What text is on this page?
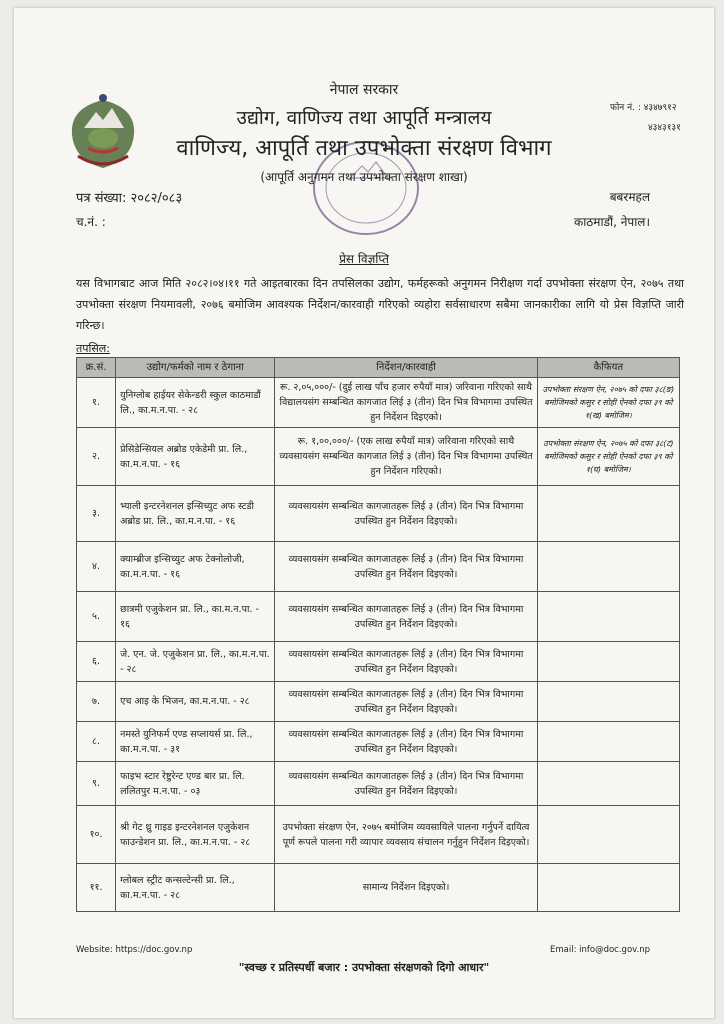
नेपाल सरकार
उद्योग, वाणिज्य तथा आपूर्ति मन्त्रालय
वाणिज्य, आपूर्ति तथा उपभोक्ता संरक्षण विभाग
(आपूर्ति अनुगमन तथा उपभोक्ता संरक्षण शाखा)
फोन नं. : ४३४७९१२
४३४३१३१
पत्र संख्या: २०८२/०८३
च.नं. :
बबरमहल
काठमाडौं, नेपाल।
प्रेस विज्ञप्ति
यस विभागबाट आज मिति २०८२।०४।११ गते आइतबारका दिन तपसिलका उद्योग, फर्महरूको अनुगमन निरीक्षण गर्दा उपभोक्ता संरक्षण ऐन, २०७५ तथा उपभोक्ता संरक्षण नियमावली, २०७६ बमोजिम आवश्यक निर्देशन/कारवाही गरिएको व्यहोरा सर्वसाधारण सबैमा जानकारीका लागि यो प्रेस विज्ञप्ति जारी गरिन्छ।
तपसिल:
क्र.सं.	उद्योग/फर्मको नाम र ठेगाना	निर्देशन/कारवाही	कैफियत
१.	युनिग्लोब हाईयर सेकेन्डरी स्कुल काठमाडौं लि., का.म.न.पा. - २८	रू. २,०५,०००/- (दुई लाख पाँच हजार रुपैयाँ मात्र) जरिवाना गरिएको साथै विद्यालयसंग सम्बन्धित कागजात लिई ३ (तीन) दिन भित्र विभागमा उपस्थित हुन निर्देशन दिइएको।	उपभोक्ता संरक्षण ऐन, २०७५ को दफा ३८(ङ) बमोजिमको कसुर र सोही ऐनको दफा ३९ को १(ख) बमोजिम।
२.	प्रेसिडेन्सियल अब्रोड एकेडेमी प्रा. लि., का.म.न.पा. - १६	रू. १,००,०००/- (एक लाख रुपैयाँ मात्र) जरिवाना गरिएको साथै व्यवसायसंग सम्बन्धित कागजात लिई ३ (तीन) दिन भित्र विभागमा उपस्थित हुन निर्देशन गरिएको।	उपभोक्ता संरक्षण ऐन, २०७५ को दफा ३८(ट) बमोजिमको कसुर र सोही ऐनको दफा ३९ को १(घ) बमोजिम।
३.	भ्याली इन्टरनेशनल इन्सिच्युट अफ स्टडी अब्रोड प्रा. लि., का.म.न.पा. - १६	व्यवसायसंग सम्बन्धित कागजातहरू लिई ३ (तीन) दिन भित्र विभागमा उपस्थित हुन निर्देशन दिइएको।	
४.	क्याम्ब्रीज इन्सिच्युट अफ टेक्नोलोजी, का.म.न.पा. - १६	व्यवसायसंग सम्बन्धित कागजातहरू लिई ३ (तीन) दिन भित्र विभागमा उपस्थित हुन निर्देशन दिइएको।	
५.	छात्रमी एजुकेशन प्रा. लि., का.म.न.पा. - १६	व्यवसायसंग सम्बन्धित कागजातहरू लिई ३ (तीन) दिन भित्र विभागमा उपस्थित हुन निर्देशन दिइएको।	
६.	जे. एन. जे. एजुकेशन प्रा. लि., का.म.न.पा. - २८	व्यवसायसंग सम्बन्धित कागजातहरू लिई ३ (तीन) दिन भित्र विभागमा उपस्थित हुन निर्देशन दिइएको।	
७.	एच आइ के भिजन, का.म.न.पा. - २८	व्यवसायसंग सम्बन्धित कागजातहरू लिई ३ (तीन) दिन भित्र विभागमा उपस्थित हुन निर्देशन दिइएको।	
८.	नमस्ते युनिफर्म एण्ड सप्लायर्स प्रा. लि., का.म.न.पा. - ३१	व्यवसायसंग सम्बन्धित कागजातहरू लिई ३ (तीन) दिन भित्र विभागमा उपस्थित हुन निर्देशन दिइएको।	
९.	फाइभ स्टार रेष्टुरेन्ट एण्ड बार प्रा. लि. ललितपुर म.न.पा. - ०३	व्यवसायसंग सम्बन्धित कागजातहरू लिई ३ (तीन) दिन भित्र विभागमा उपस्थित हुन निर्देशन दिइएको।	
१०.	श्री गेट थ्रु गाइड इन्टरनेशनल एजुकेशन फाउन्डेशन प्रा. लि., का.म.न.पा. - २८	उपभोक्ता संरक्षण ऐन, २०७५ बमोजिम व्यवसायिले पालना गर्नुपर्ने दायित्व पूर्ण रूपले पालना गरी व्यापार व्यवसाय संचालन गर्नुहुन निर्देशन दिइएको।	
११.	ग्लोबल स्ट्रीट कन्सल्टेन्सी प्रा. लि., का.म.न.पा. - २८	सामान्य निर्देशन दिइएको।	
Website: https://doc.gov.np	Email: info@doc.gov.np
"स्वच्छ र प्रतिस्पर्धी बजार : उपभोक्ता संरक्षणको दिगो आधार"
